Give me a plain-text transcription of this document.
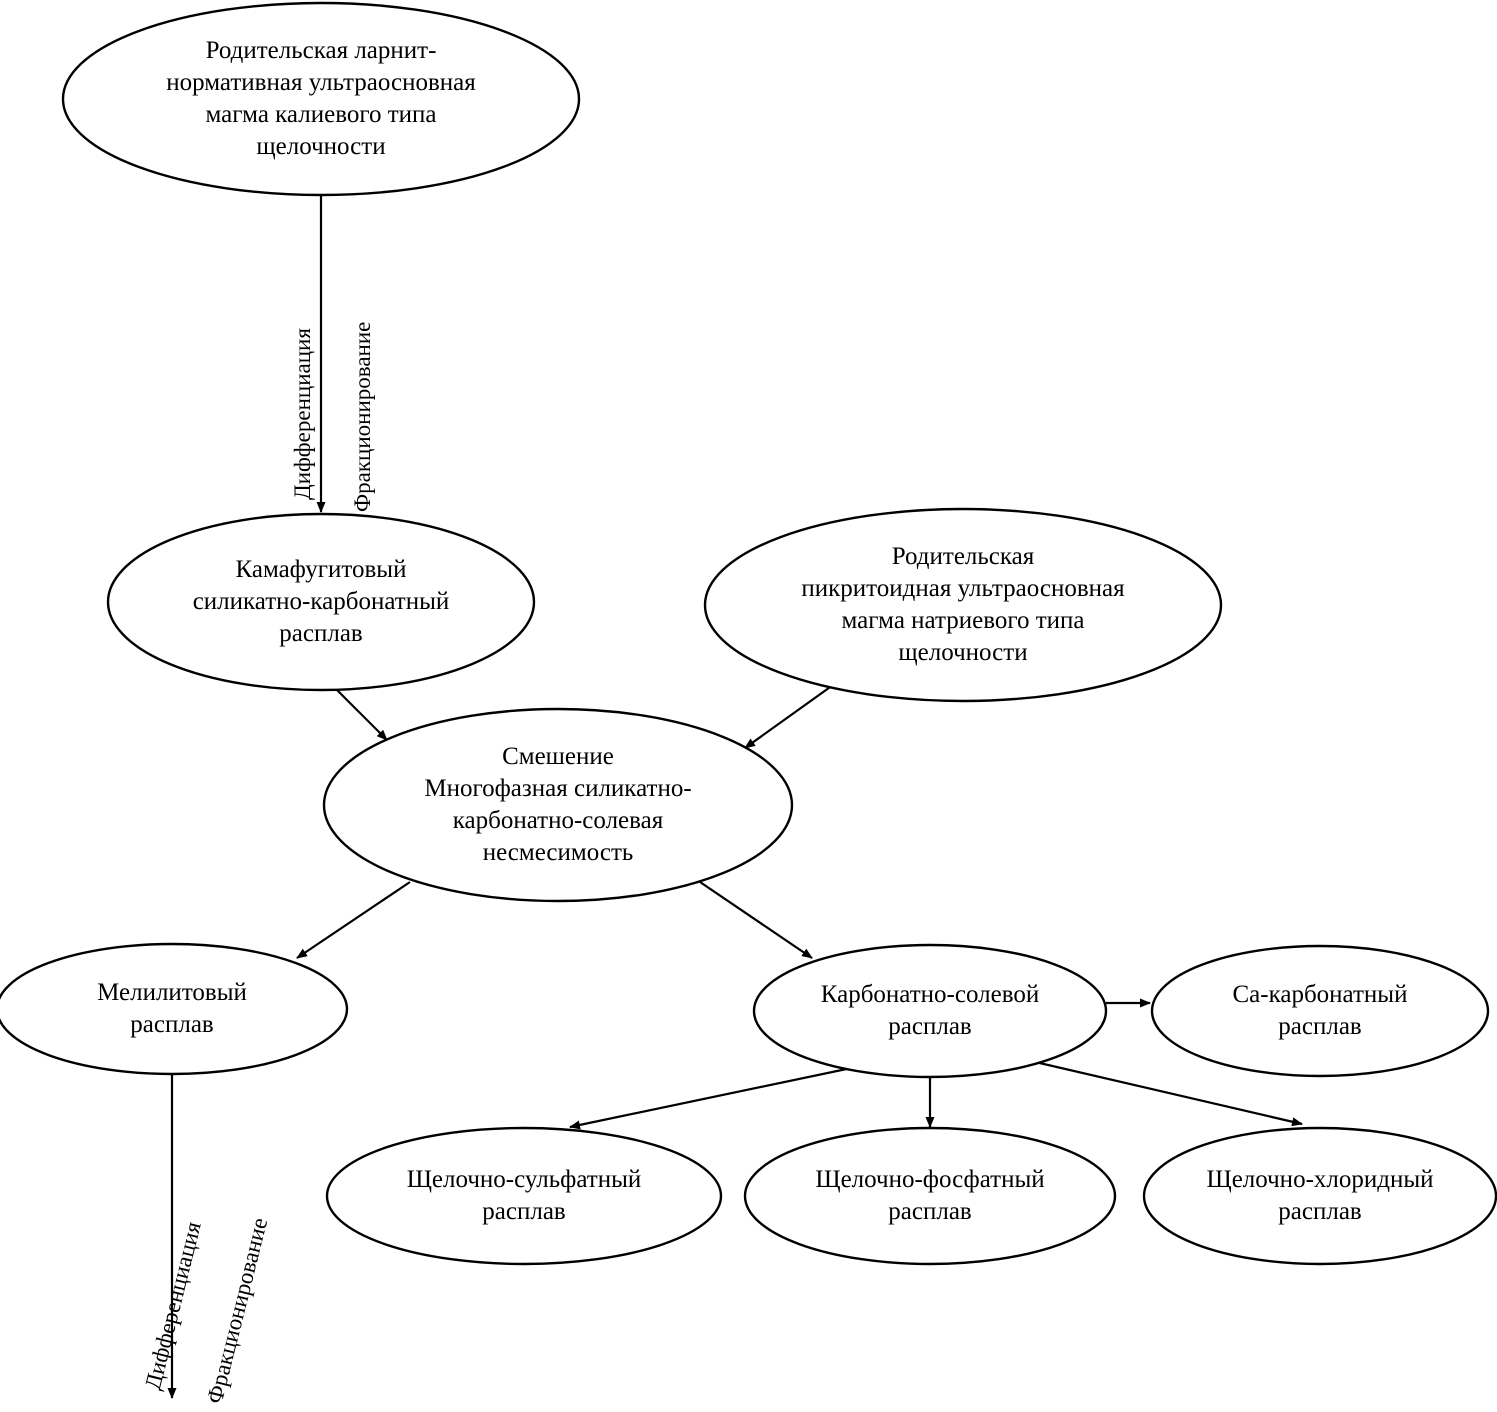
Родительская ларнит-
нормативная ультраосновная
магма калиевого типа
щелочности
Камафугитовый
силикатно-карбонатный
расплав
Родительская
пикритоидная ультраосновная
магма натриевого типа
щелочности
Смешение
Многофазная силикатно-
карбонатно-солевая
несмесимость
Мелилитовый
расплав
Карбонатно-солевой
расплав
Ca-карбонатный
расплав
Щелочно-сульфатный
расплав
Щелочно-фосфатный
расплав
Щелочно-хлоридный
расплав
Дифференциация Фракционирование
Дифференциация
Фракционирование
